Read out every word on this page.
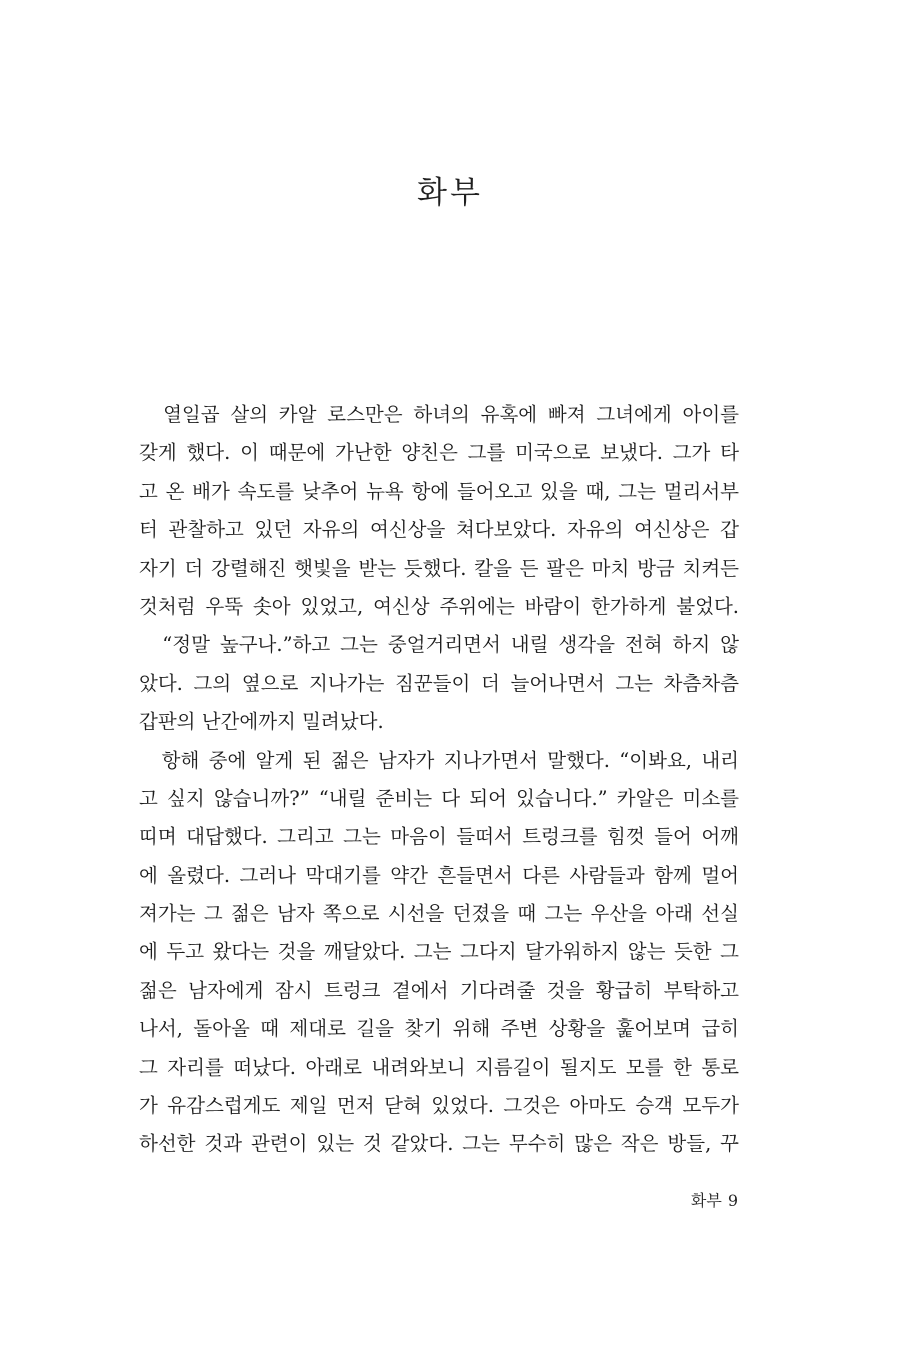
화부
　열일곱 살의 카알 로스만은 하녀의 유혹에 빠져 그녀에게 아이를
갖게 했다. 이 때문에 가난한 양친은 그를 미국으로 보냈다. 그가 타
고 온 배가 속도를 낮추어 뉴욕 항에 들어오고 있을 때, 그는 멀리서부
터 관찰하고 있던 자유의 여신상을 쳐다보았다. 자유의 여신상은 갑
자기 더 강렬해진 햇빛을 받는 듯했다. 칼을 든 팔은 마치 방금 치켜든
것처럼 우뚝 솟아 있었고, 여신상 주위에는 바람이 한가하게 불었다.
　“정말 높구나.”하고 그는 중얼거리면서 내릴 생각을 전혀 하지 않
았다. 그의 옆으로 지나가는 짐꾼들이 더 늘어나면서 그는 차츰차츰
갑판의 난간에까지 밀려났다.
　항해 중에 알게 된 젊은 남자가 지나가면서 말했다. “이봐요, 내리
고 싶지 않습니까?” “내릴 준비는 다 되어 있습니다.” 카알은 미소를
띠며 대답했다. 그리고 그는 마음이 들떠서 트렁크를 힘껏 들어 어깨
에 올렸다. 그러나 막대기를 약간 흔들면서 다른 사람들과 함께 멀어
져가는 그 젊은 남자 쪽으로 시선을 던졌을 때 그는 우산을 아래 선실
에 두고 왔다는 것을 깨달았다. 그는 그다지 달가워하지 않는 듯한 그
젊은 남자에게 잠시 트렁크 곁에서 기다려줄 것을 황급히 부탁하고
나서, 돌아올 때 제대로 길을 찾기 위해 주변 상황을 훑어보며 급히
그 자리를 떠났다. 아래로 내려와보니 지름길이 될지도 모를 한 통로
가 유감스럽게도 제일 먼저 닫혀 있었다. 그것은 아마도 승객 모두가
하선한 것과 관련이 있는 것 같았다. 그는 무수히 많은 작은 방들, 꾸
화부 9
